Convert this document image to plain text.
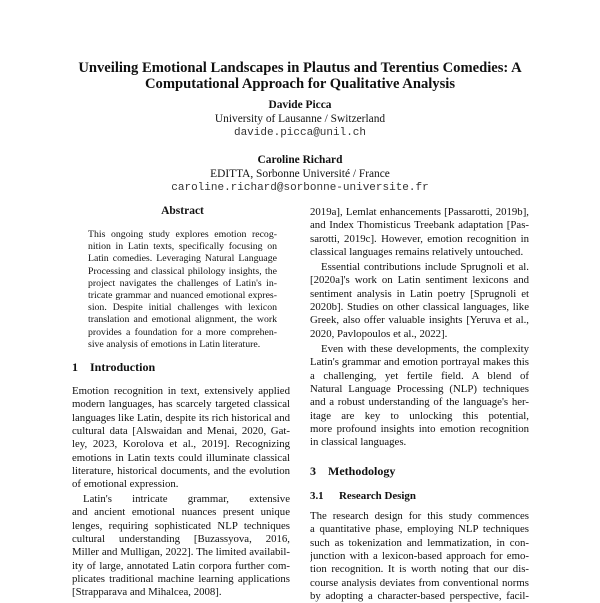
Unveiling Emotional Landscapes in Plautus and Terentius Comedies: A
Computational Approach for Qualitative Analysis
Davide Picca
University of Lausanne / Switzerland
davide.picca@unil.ch
Caroline Richard
EDITTA, Sorbonne Université / France
caroline.richard@sorbonne-universite.fr
Abstract
This ongoing study explores emotion recog-
nition in Latin texts, specifically focusing on
Latin comedies. Leveraging Natural Language
Processing and classical philology insights, the
project navigates the challenges of Latin's in-
tricate grammar and nuanced emotional expres-
sion. Despite initial challenges with lexicon
translation and emotional alignment, the work
provides a foundation for a more comprehen-
sive analysis of emotions in Latin literature.
1 Introduction
Emotion recognition in text, extensively applied
modern languages, has scarcely targeted classical
languages like Latin, despite its rich historical and
cultural data [Alswaidan and Menai, 2020, Gat-
ley, 2023, Korolova et al., 2019]. Recognizing
emotions in Latin texts could illuminate classical
literature, historical documents, and the evolution
of emotional expression.
Latin's intricate grammar, extensive
and ancient emotional nuances present unique
lenges, requiring sophisticated NLP techniques
cultural understanding [Buzassyova, 2016,
Miller and Mulligan, 2022]. The limited availabil-
ity of large, annotated Latin corpora further com-
plicates traditional machine learning applications
[Strapparava and Mihalcea, 2008].
2019a], Lemlat enhancements [Passarotti, 2019b],
and Index Thomisticus Treebank adaptation [Pas-
sarotti, 2019c]. However, emotion recognition in
classical languages remains relatively untouched.
Essential contributions include Sprugnoli et al.
[2020a]'s work on Latin sentiment lexicons and
sentiment analysis in Latin poetry [Sprugnoli et
2020b]. Studies on other classical languages, like
Greek, also offer valuable insights [Yeruva et al.,
2020, Pavlopoulos et al., 2022].
Even with these developments, the complexity
Latin's grammar and emotion portrayal makes this
a challenging, yet fertile field. A blend of
Natural Language Processing (NLP) techniques
and a robust understanding of the language's her-
itage are key to unlocking this potential,
more profound insights into emotion recognition
in classical languages.
3 Methodology
3.1 Research Design
The research design for this study commences
a quantitative phase, employing NLP techniques
such as tokenization and lemmatization, in con-
junction with a lexicon-based approach for emo-
tion recognition. It is worth noting that our dis-
course analysis deviates from conventional norms
by adopting a character-based perspective, facil-
